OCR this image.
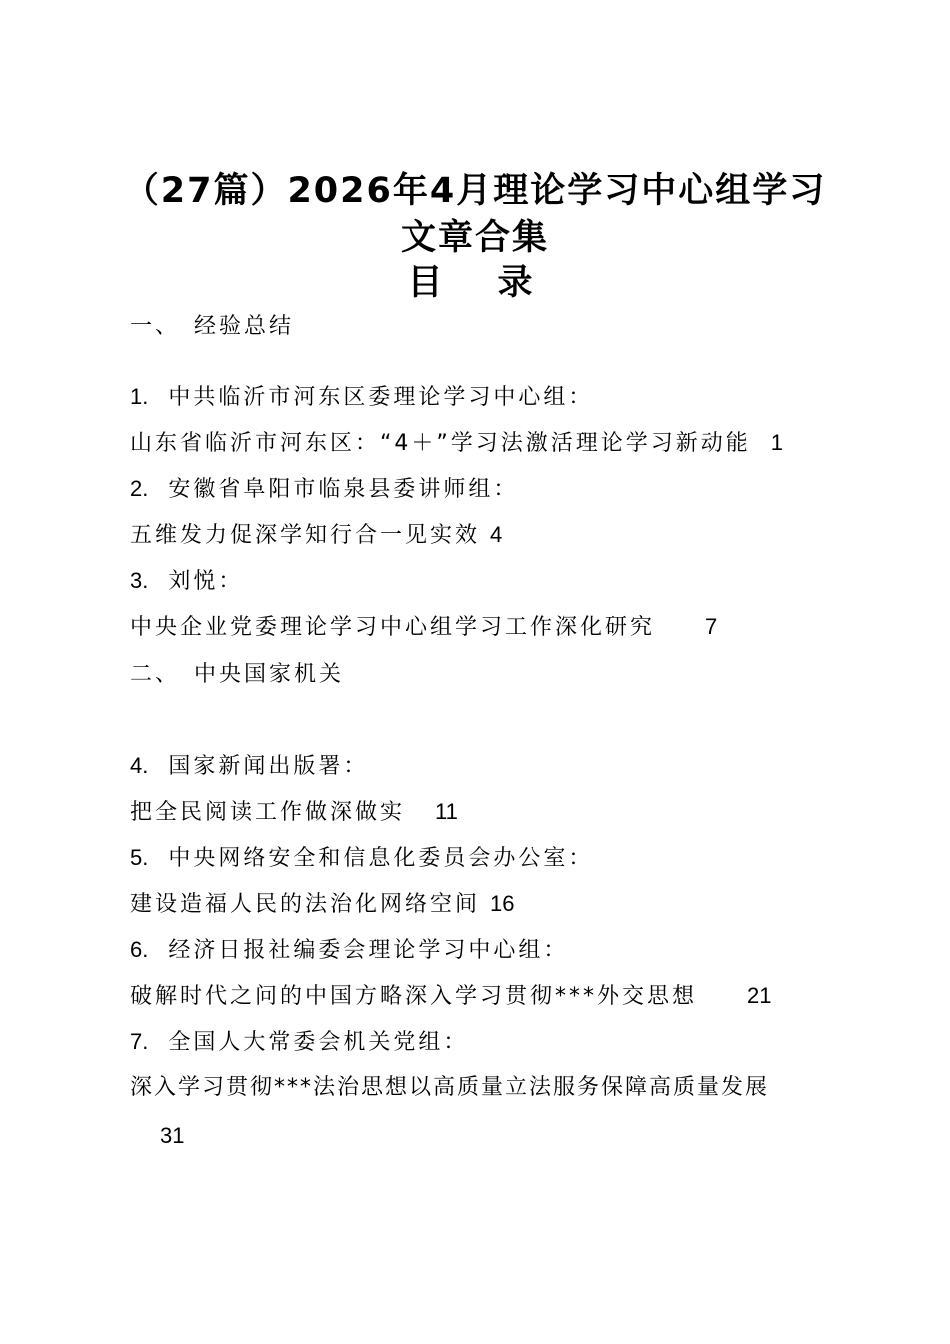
（27篇）2026年4月理论学习中心组学习
文章合集
目　录
一、　经验总结
1. 中共临沂市河东区委理论学习中心组：
山东省临沂市河东区：“4＋”学习法激活理论学习新动能 1
2. 安徽省阜阳市临泉县委讲师组：
五维发力促深学知行合一见实效 4
3. 刘悦：
中央企业党委理论学习中心组学习工作深化研究 7
二、　中央国家机关
4. 国家新闻出版署：
把全民阅读工作做深做实 11
5. 中央网络安全和信息化委员会办公室：
建设造福人民的法治化网络空间 16
6. 经济日报社编委会理论学习中心组：
破解时代之问的中国方略深入学习贯彻***外交思想 21
7. 全国人大常委会机关党组：
深入学习贯彻***法治思想以高质量立法服务保障高质量发展
31
